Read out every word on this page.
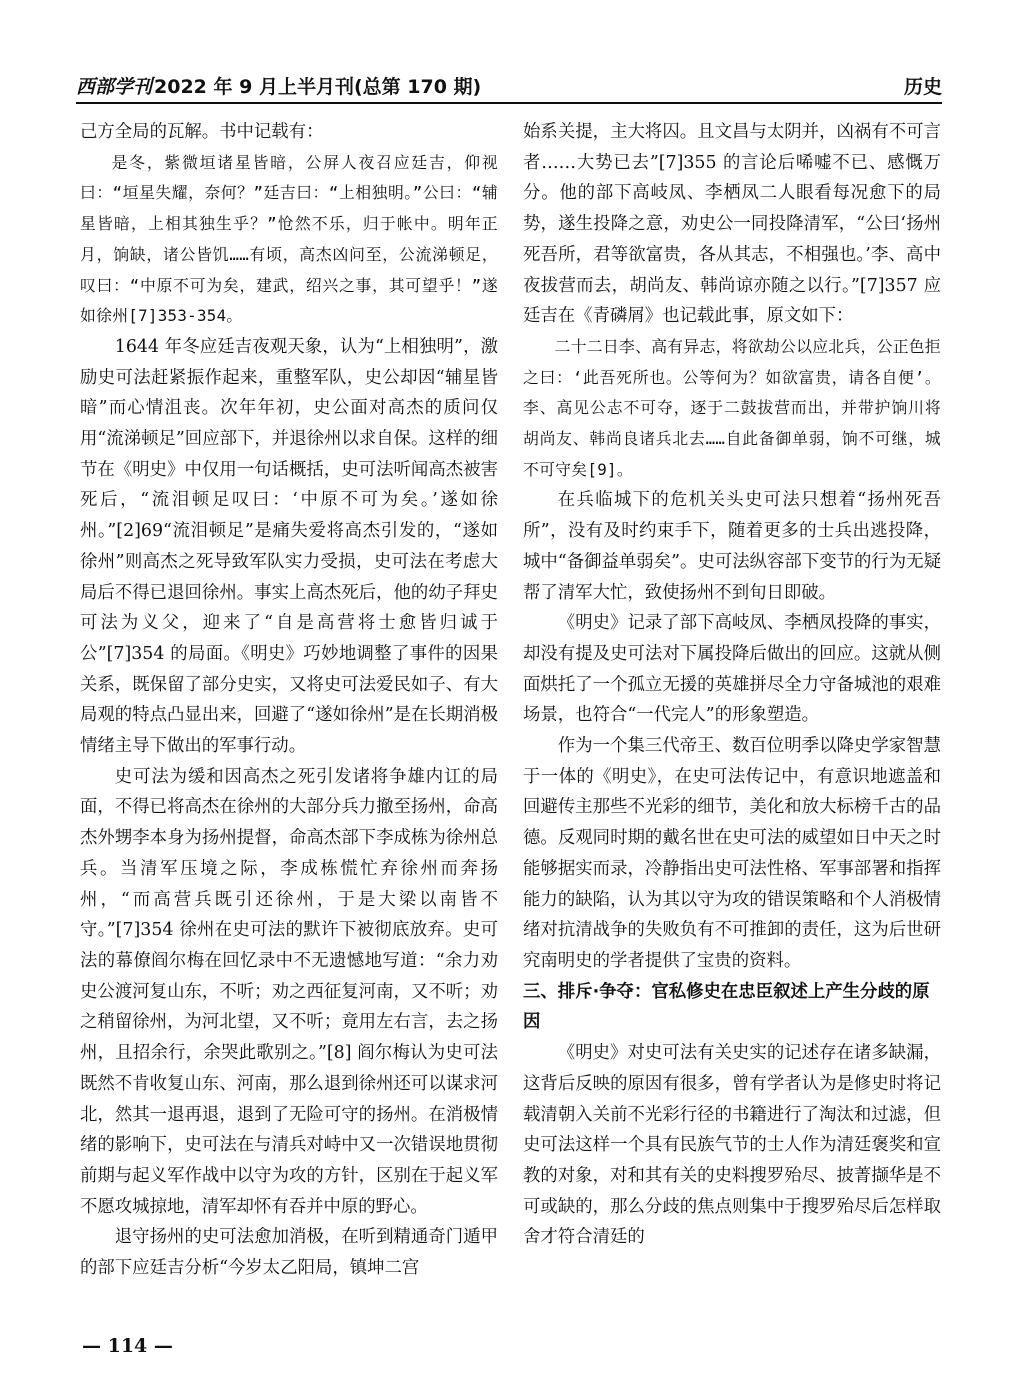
西部学刊 2022 年 9 月上半月刊(总第 170 期)	历史

己方全局的瓦解。书中记载有：

是冬，紫微垣诸星皆暗，公屏人夜召应廷吉，仰视曰：“垣星失耀，奈何？”廷吉曰：“上相独明。”公曰：“辅星皆暗，上相其独生乎？”怆然不乐，归于帐中。明年正月，饷缺，诸公皆饥……有顷，高杰凶问至，公流涕顿足，叹曰：“中原不可为矣，建武，绍兴之事，其可望乎！”遂如徐州[7]353-354。

1644 年冬应廷吉夜观天象，认为“上相独明”，激励史可法赶紧振作起来，重整军队，史公却因“辅星皆暗”而心情沮丧。次年年初，史公面对高杰的质问仅用“流涕顿足”回应部下，并退徐州以求自保。这样的细节在《明史》中仅用一句话概括，史可法听闻高杰被害死后，“流泪顿足叹曰：‘中原不可为矣。’遂如徐州。”[2]69“流泪顿足”是痛失爱将高杰引发的，“遂如徐州”则高杰之死导致军队实力受损，史可法在考虑大局后不得已退回徐州。事实上高杰死后，他的幼子拜史可法为义父，迎来了“自是高营将士愈皆归诚于公”[7]354 的局面。《明史》巧妙地调整了事件的因果关系，既保留了部分史实，又将史可法爱民如子、有大局观的特点凸显出来，回避了“遂如徐州”是在长期消极情绪主导下做出的军事行动。

史可法为缓和因高杰之死引发诸将争雄内讧的局面，不得已将高杰在徐州的大部分兵力撤至扬州，命高杰外甥李本身为扬州提督，命高杰部下李成栋为徐州总兵。当清军压境之际，李成栋慌忙弃徐州而奔扬州，“而高营兵既引还徐州，于是大梁以南皆不守。”[7]354 徐州在史可法的默许下被彻底放弃。史可法的幕僚阎尔梅在回忆录中不无遗憾地写道：“余力劝史公渡河复山东，不听；劝之西征复河南，又不听；劝之稍留徐州，为河北望，又不听；竟用左右言，去之扬州，且招余行，余哭此歌别之。”[8] 阎尔梅认为史可法既然不肯收复山东、河南，那么退到徐州还可以谋求河北，然其一退再退，退到了无险可守的扬州。在消极情绪的影响下，史可法在与清兵对峙中又一次错误地贯彻前期与起义军作战中以守为攻的方针，区别在于起义军不愿攻城掠地，清军却怀有吞并中原的野心。

退守扬州的史可法愈加消极，在听到精通奇门遁甲的部下应廷吉分析“今岁太乙阳局，镇坤二宫

始系关提，主大将囚。且文昌与太阴并，凶祸有不可言者……大势已去”[7]355 的言论后唏嘘不已、感慨万分。他的部下高岐凤、李栖凤二人眼看每况愈下的局势，遂生投降之意，劝史公一同投降清军，“公曰‘扬州死吾所，君等欲富贵，各从其志，不相强也。’李、高中夜拔营而去，胡尚友、韩尚谅亦随之以行。”[7]357 应廷吉在《青磷屑》也记载此事，原文如下：

二十二日李、高有异志，将欲劫公以应北兵，公正色拒之曰：‘此吾死所也。公等何为？如欲富贵，请各自便’。李、高见公志不可夺，逐于二鼓拔营而出，并带护饷川将胡尚友、韩尚良诸兵北去……自此备御单弱，饷不可继，城不可守矣[9]。

在兵临城下的危机关头史可法只想着“扬州死吾所”，没有及时约束手下，随着更多的士兵出逃投降，城中“备御益单弱矣”。史可法纵容部下变节的行为无疑帮了清军大忙，致使扬州不到旬日即破。

《明史》记录了部下高岐凤、李栖凤投降的事实，却没有提及史可法对下属投降后做出的回应。这就从侧面烘托了一个孤立无援的英雄拼尽全力守备城池的艰难场景，也符合“一代完人”的形象塑造。

作为一个集三代帝王、数百位明季以降史学家智慧于一体的《明史》，在史可法传记中，有意识地遮盖和回避传主那些不光彩的细节，美化和放大标榜千古的品德。反观同时期的戴名世在史可法的威望如日中天之时能够据实而录，冷静指出史可法性格、军事部署和指挥能力的缺陷，认为其以守为攻的错误策略和个人消极情绪对抗清战争的失败负有不可推卸的责任，这为后世研究南明史的学者提供了宝贵的资料。

三、排斥·争夺：官私修史在忠臣叙述上产生分歧的原因

《明史》对史可法有关史实的记述存在诸多缺漏，这背后反映的原因有很多，曾有学者认为是修史时将记载清朝入关前不光彩行径的书籍进行了淘汰和过滤，但史可法这样一个具有民族气节的士人作为清廷褒奖和宣教的对象，对和其有关的史料搜罗殆尽、披菁撷华是不可或缺的，那么分歧的焦点则集中于搜罗殆尽后怎样取舍才符合清廷的

— 114 —
